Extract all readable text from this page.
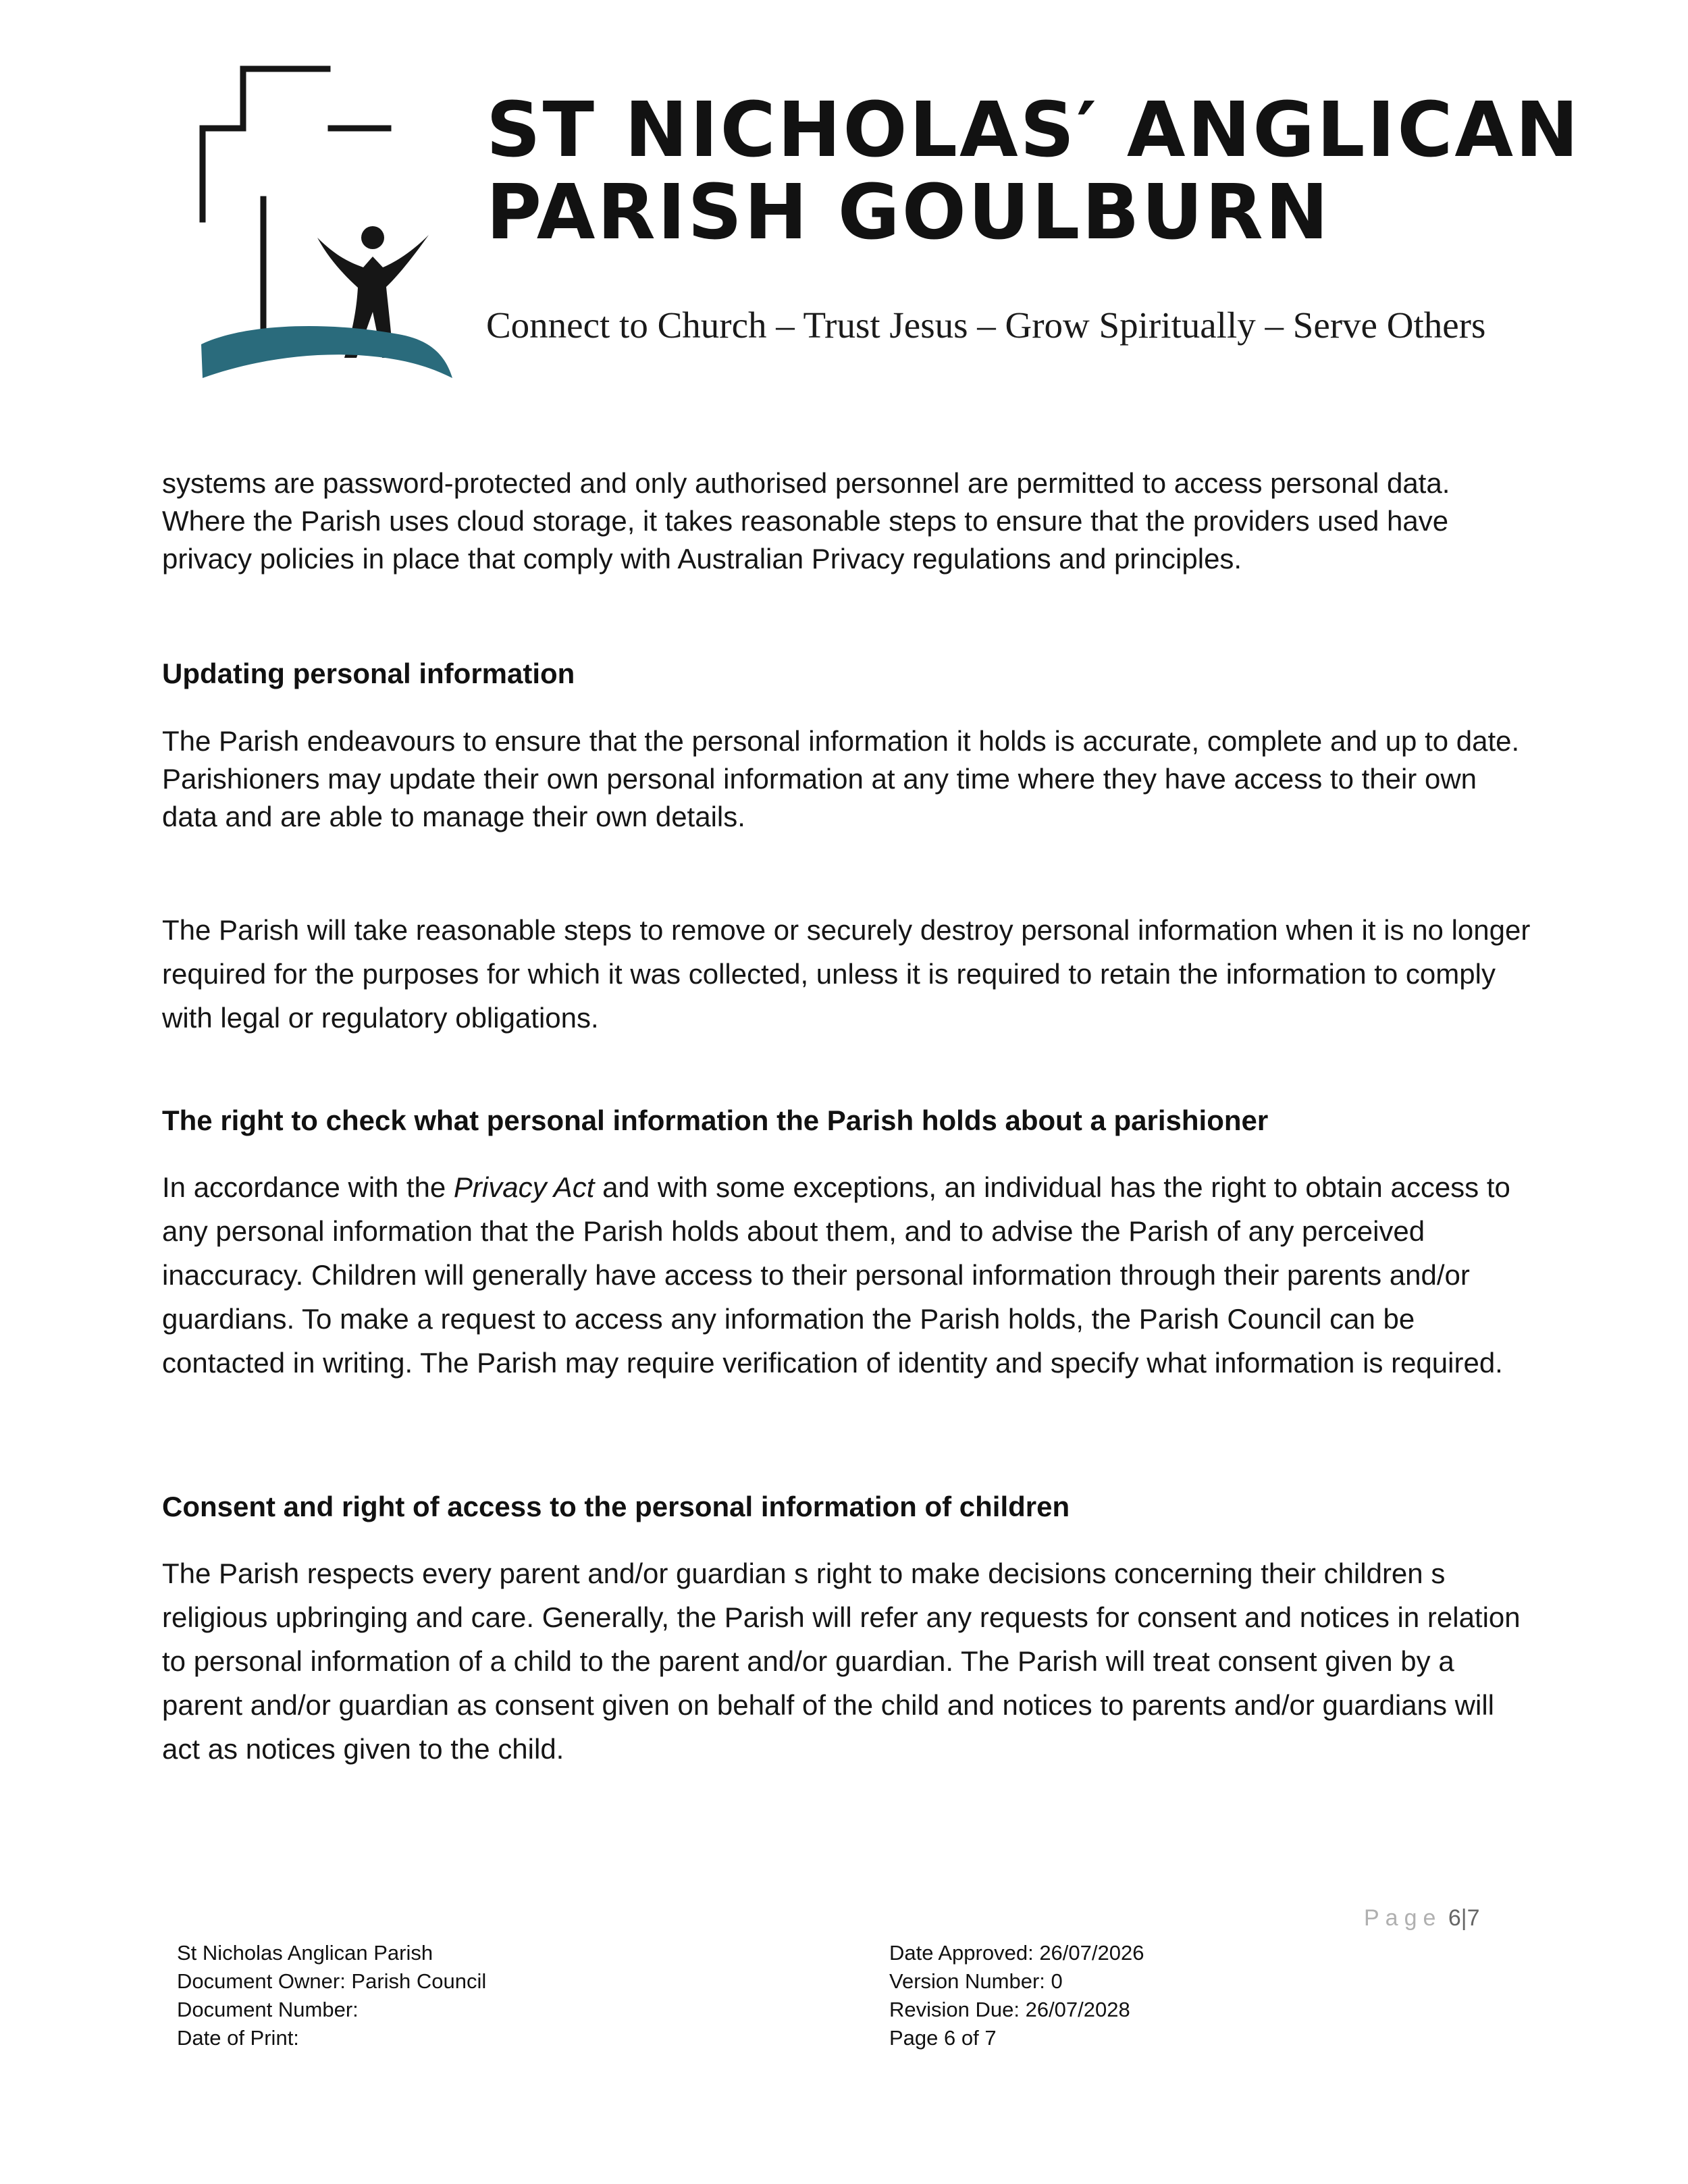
ST NICHOLAS′ ANGLICAN
PARISH GOULBURN
Connect to Church – Trust Jesus – Grow Spiritually – Serve Others

systems are password-protected and only authorised personnel are permitted to access personal data. Where the Parish uses cloud storage, it takes reasonable steps to ensure that the providers used have privacy policies in place that comply with Australian Privacy regulations and principles.

Updating personal information

The Parish endeavours to ensure that the personal information it holds is accurate, complete and up to date. Parishioners may update their own personal information at any time where they have access to their own data and are able to manage their own details.

The Parish will take reasonable steps to remove or securely destroy personal information when it is no longer required for the purposes for which it was collected, unless it is required to retain the information to comply with legal or regulatory obligations.

The right to check what personal information the Parish holds about a parishioner

In accordance with the Privacy Act and with some exceptions, an individual has the right to obtain access to any personal information that the Parish holds about them, and to advise the Parish of any perceived inaccuracy. Children will generally have access to their personal information through their parents and/or guardians. To make a request to access any information the Parish holds, the Parish Council can be contacted in writing. The Parish may require verification of identity and specify what information is required.

Consent and right of access to the personal information of children

The Parish respects every parent and/or guardian s right to make decisions concerning their children s religious upbringing and care. Generally, the Parish will refer any requests for consent and notices in relation to personal information of a child to the parent and/or guardian. The Parish will treat consent given by a parent and/or guardian as consent given on behalf of the child and notices to parents and/or guardians will act as notices given to the child.

Page 6|7
St Nicholas Anglican Parish
Document Owner: Parish Council
Document Number:
Date of Print:
Date Approved: 26/07/2026
Version Number: 0
Revision Due: 26/07/2028
Page 6 of 7
